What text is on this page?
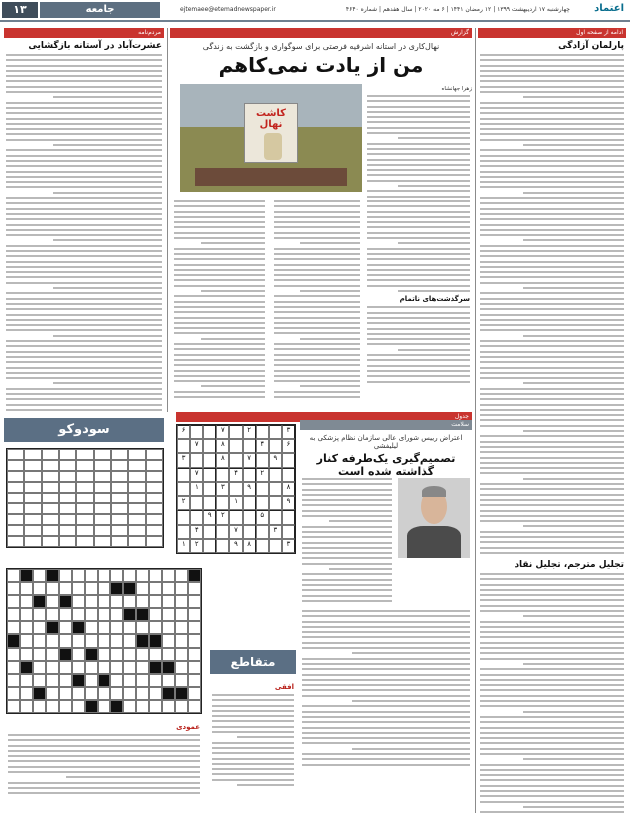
اعتماد
چهارشنبه ۱۷ اردیبهشت ۱۳۹۹ | ۱۲ رمضان ۱۴۴۱ | ۶ مه ۲۰۲۰ | سال هفدهم | شماره ۴۶۴۰
ejtemaee@etemadnewspaper.ir
جامعه
۱۳
ادامه از صفحه اول
پارلمان آزادگی
تجلیل مترجم، تجلیل نقاد
گزارش
نهال‌کاری در استانه اشرفیه فرصتی برای سوگواری و بازگشت به زندگی
من از یادت نمی‌کاهم
کاشت نهال
زهرا جهانشاه
سرگذشت‌های ناتمام
مردم‌نامه
عشرت‌آباد در آستانه بازگشایی
جدول
سودوکو	۳
۲
۷
۶
۶
۴
۸
۷
۹
۷
۸
۳
۲
۴
۷
۸
۹
۳
۱
۹
۱
۲
۵
۲
۹
۳
۷
۴
۳
۸
۹
۲
۱
سلامت
اعتراض رییس شورای عالی سازمان نظام پزشکی به لیلیفشی
تصمیم‌گیری یک‌طرفه کنار گذاشته شده است
متقاطع
افقی
عمودی
